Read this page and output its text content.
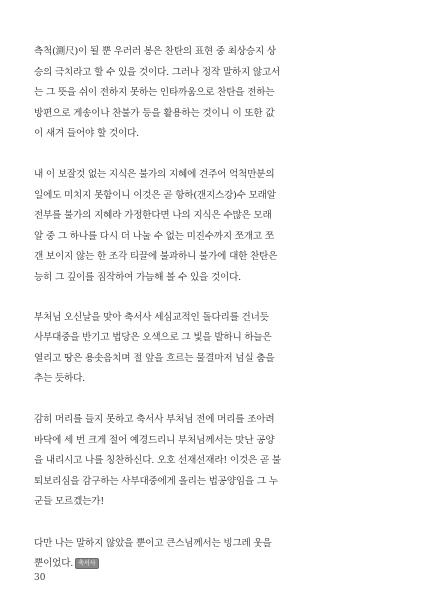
측척(測尺)이 될 뿐 우러러 봉은 찬탄의 표현 중 최상승지 상
승의 극치라고 할 수 있을 것이다. 그러나 정작 말하지 않고서
는 그 뜻을 쉬이 전하지 못하는 인타까움으로 찬탄을 전하는
방편으로 게송이나 찬불가 등을 활용하는 것이니 이 또한 값
이 새겨 들어야 할 것이다.

내 이 보잘것 없는 지식은 불가의 지혜에 견주어 억척만분의
일에도 미치지 못함이니 이것은 곧 항하(갠지스강)수 모래알
전부를 불가의 지혜라 가정한다면 나의 지식은 수많은 모래
알 중 그 하나를 다시 더 나눌 수 없는 미진수까지 쪼개고 쪼
갠 보이지 않는 한 조각 티끌에 불과하니 불가에 대한 찬탄은
능히 그 깊이를 짐작하여 가늠해 볼 수 있을 것이다.

부처님 오신날을 맞아 축서사 세심교적인 돌다리를 건너듯
사부대중을 반기고 법당은 오색으로 그 빛을 발하니 하늘은
열리고 땅은 용솟음치며 절 앞을 흐르는 물결마저 넘실 춤을
추는 듯하다.

감히 머리를 들지 못하고 축서사 부처님 전에 머리를 조아려
바닥에 세 번 크게 절어 예경드리니 부처님께서는 맛난 공양
을 내리시고 나를 칭찬하신다. 오호 선재선재라! 이것은 곧 불
퇴보리심을 감구하는 사부대중에게 올리는 법공양임을 그 누
군들 모르겠는가!

다만 나는 말하지 않았을 뿐이고 큰스님께서는 빙그레 웃을
뿐이었다. 축서사

30
